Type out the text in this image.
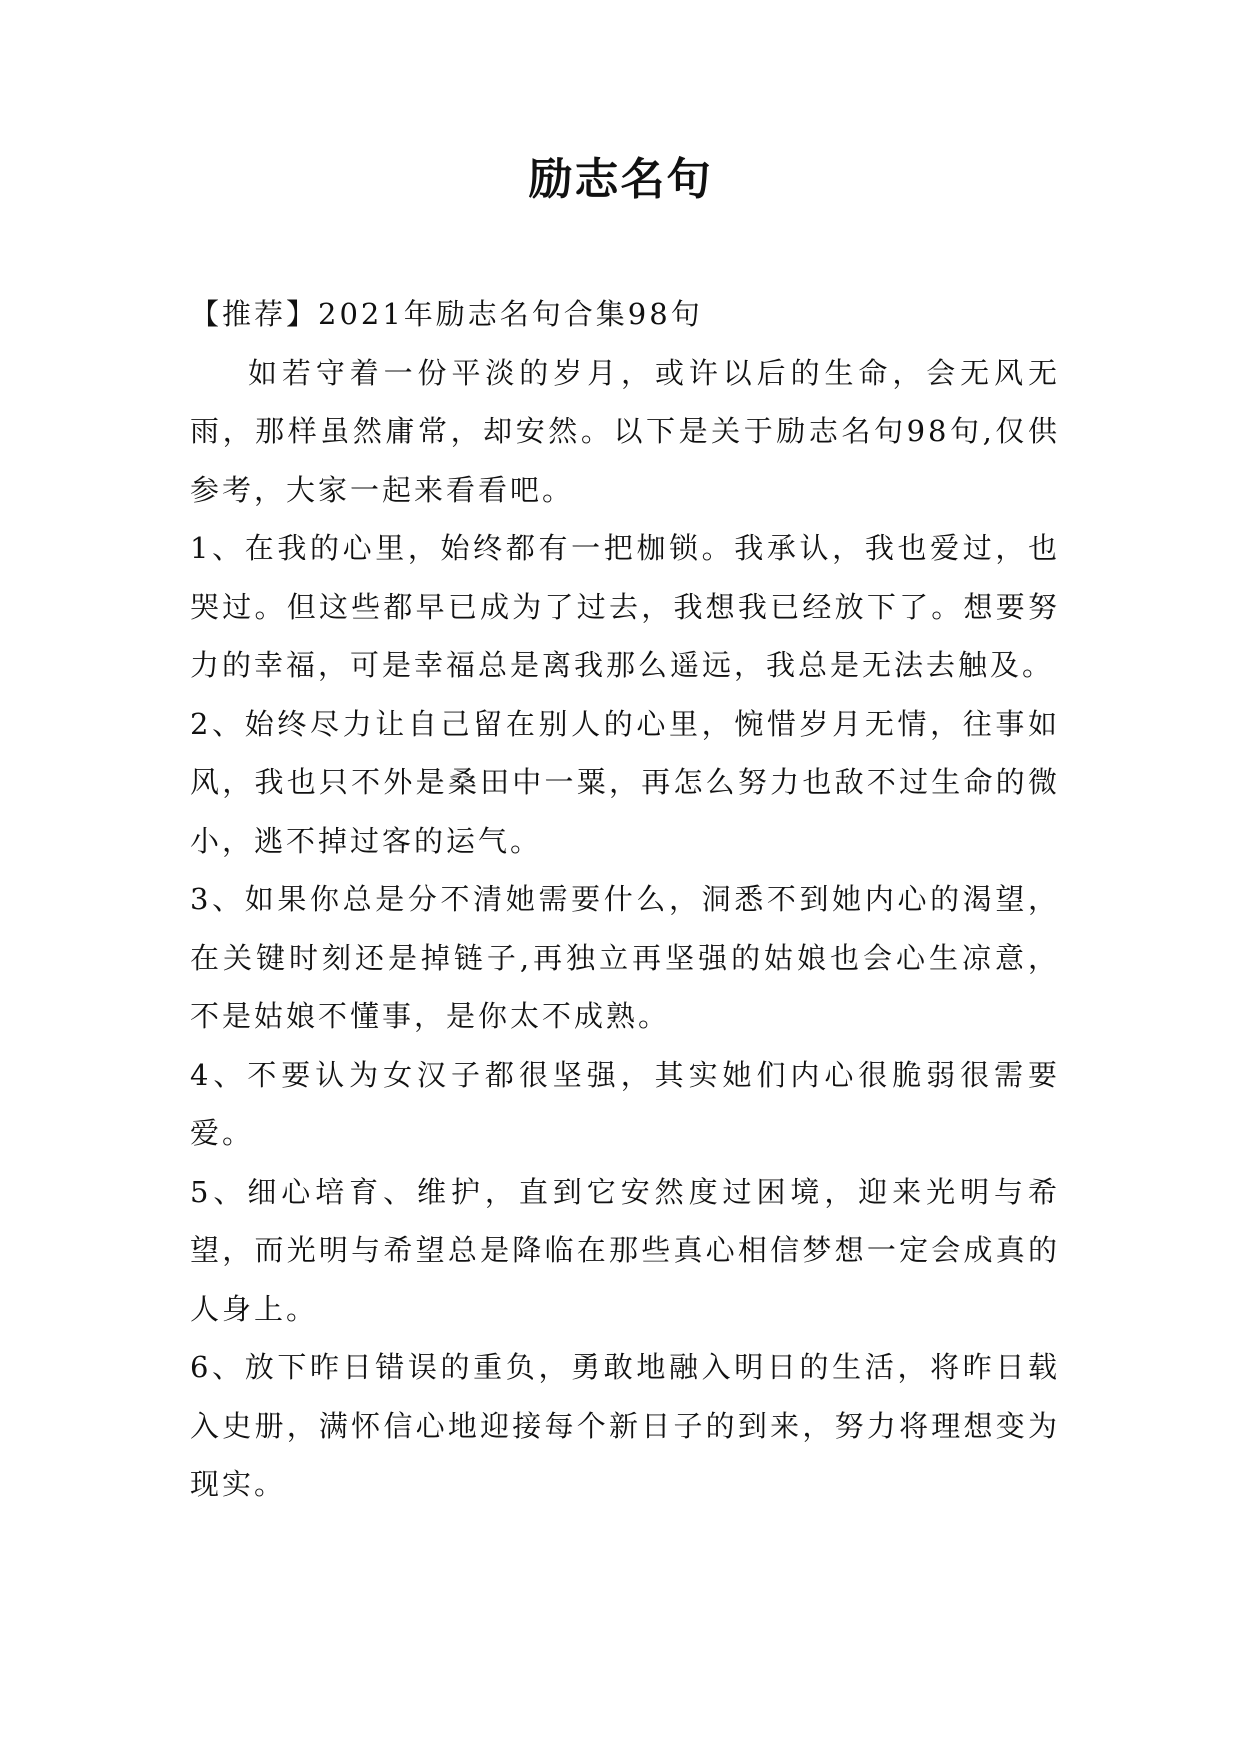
励志名句

【推荐】2021年励志名句合集98句

如若守着一份平淡的岁月，或许以后的生命，会无风无雨，那样虽然庸常，却安然。以下是关于励志名句98句,仅供参考，大家一起来看看吧。

1、在我的心里，始终都有一把枷锁。我承认，我也爱过，也哭过。但这些都早已成为了过去，我想我已经放下了。想要努力的幸福，可是幸福总是离我那么遥远，我总是无法去触及。

2、始终尽力让自己留在别人的心里，惋惜岁月无情，往事如风，我也只不外是桑田中一粟，再怎么努力也敌不过生命的微小，逃不掉过客的运气。

3、如果你总是分不清她需要什么，洞悉不到她内心的渴望，在关键时刻还是掉链子,再独立再坚强的姑娘也会心生凉意，不是姑娘不懂事，是你太不成熟。

4、不要认为女汉子都很坚强，其实她们内心很脆弱很需要爱。

5、细心培育、维护，直到它安然度过困境，迎来光明与希望，而光明与希望总是降临在那些真心相信梦想一定会成真的人身上。

6、放下昨日错误的重负，勇敢地融入明日的生活，将昨日载入史册，满怀信心地迎接每个新日子的到来，努力将理想变为现实。
